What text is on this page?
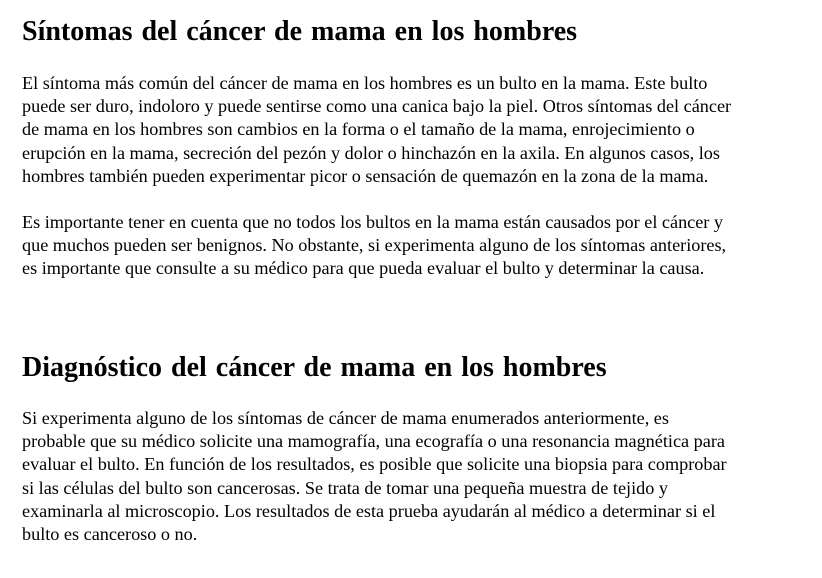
Síntomas del cáncer de mama en los hombres

El síntoma más común del cáncer de mama en los hombres es un bulto en la mama. Este bulto
puede ser duro, indoloro y puede sentirse como una canica bajo la piel. Otros síntomas del cáncer
de mama en los hombres son cambios en la forma o el tamaño de la mama, enrojecimiento o
erupción en la mama, secreción del pezón y dolor o hinchazón en la axila. En algunos casos, los
hombres también pueden experimentar picor o sensación de quemazón en la zona de la mama.

Es importante tener en cuenta que no todos los bultos en la mama están causados por el cáncer y
que muchos pueden ser benignos. No obstante, si experimenta alguno de los síntomas anteriores,
es importante que consulte a su médico para que pueda evaluar el bulto y determinar la causa.

Diagnóstico del cáncer de mama en los hombres

Si experimenta alguno de los síntomas de cáncer de mama enumerados anteriormente, es
probable que su médico solicite una mamografía, una ecografía o una resonancia magnética para
evaluar el bulto. En función de los resultados, es posible que solicite una biopsia para comprobar
si las células del bulto son cancerosas. Se trata de tomar una pequeña muestra de tejido y
examinarla al microscopio. Los resultados de esta prueba ayudarán al médico a determinar si el
bulto es canceroso o no.
